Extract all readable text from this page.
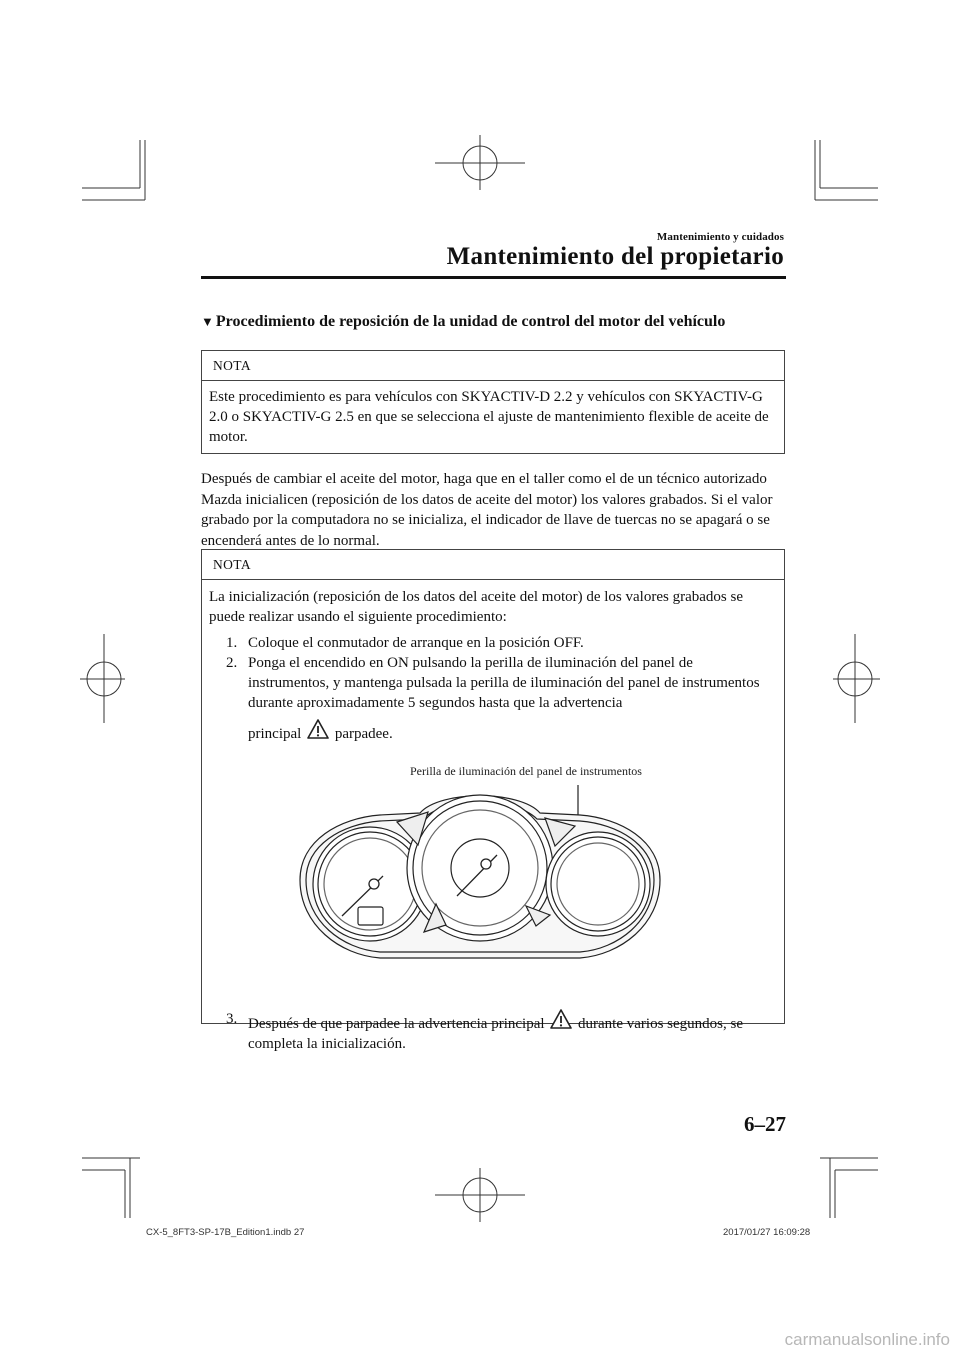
Mantenimiento y cuidados
Mantenimiento del propietario
▼ Procedimiento de reposición de la unidad de control del motor del vehículo
NOTA
Este procedimiento es para vehículos con SKYACTIV-D 2.2 y vehículos con SKYACTIV-G 2.0 o SKYACTIV-G 2.5 en que se selecciona el ajuste de mantenimiento flexible de aceite de motor.
Después de cambiar el aceite del motor, haga que en el taller como el de un técnico autorizado Mazda inicialicen (reposición de los datos de aceite del motor) los valores grabados. Si el valor grabado por la computadora no se inicializa, el indicador de llave de tuercas no se apagará o se encenderá antes de lo normal.
NOTA
La inicialización (reposición de los datos del aceite del motor) de los valores grabados se puede realizar usando el siguiente procedimiento:
1. Coloque el conmutador de arranque en la posición OFF.
2. Ponga el encendido en ON pulsando la perilla de iluminación del panel de instrumentos, y mantenga pulsada la perilla de iluminación del panel de instrumentos durante aproximadamente 5 segundos hasta que la advertencia
principal parpadee.
3. Después de que parpadee la advertencia principal durante varios segundos, se completa la inicialización.
Perilla de iluminación del panel de instrumentos
6–27
CX-5_8FT3-SP-17B_Edition1.indb 27	2017/01/27 16:09:28
carmanualsonline.info
